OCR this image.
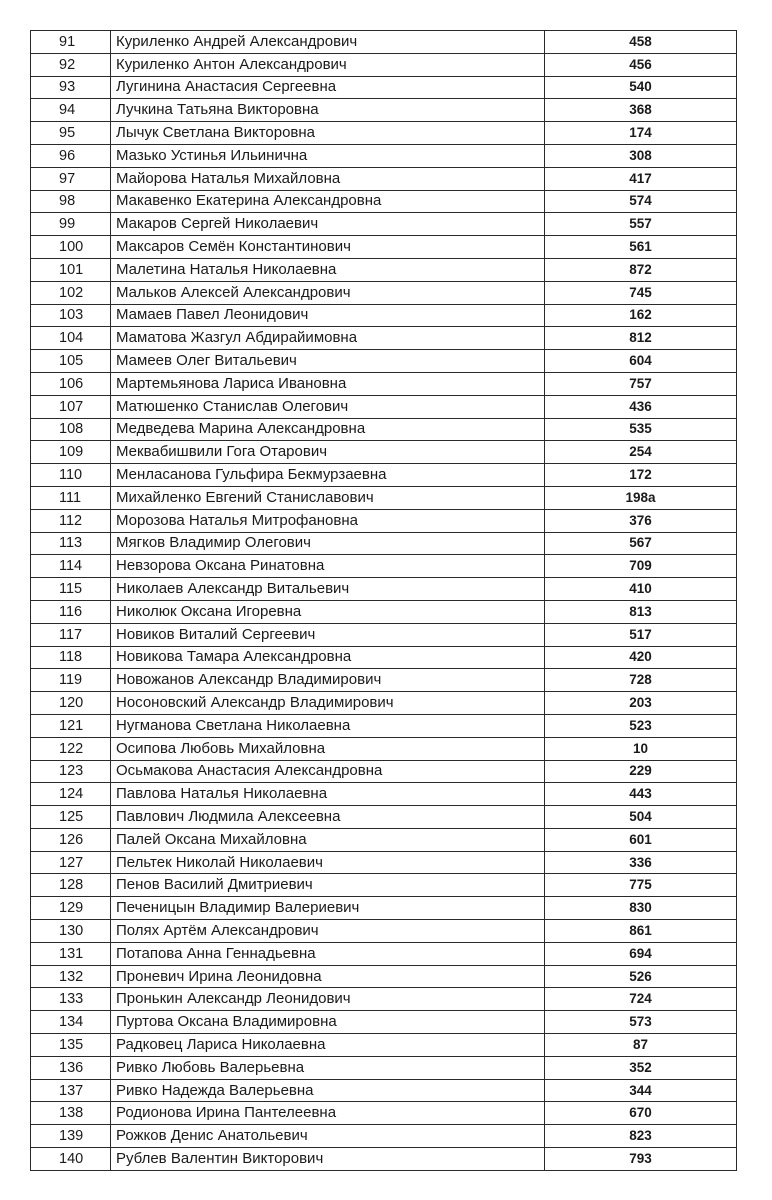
91	Куриленко Андрей Александрович	458
92	Куриленко Антон Александрович	456
93	Лугинина Анастасия Сергеевна	540
94	Лучкина Татьяна Викторовна	368
95	Лычук Светлана Викторовна	174
96	Мазько Устинья Ильинична	308
97	Майорова Наталья Михайловна	417
98	Макавенко Екатерина Александровна	574
99	Макаров Сергей Николаевич	557
100	Максаров Семён Константинович	561
101	Малетина Наталья Николаевна	872
102	Мальков Алексей Александрович	745
103	Мамаев Павел Леонидович	162
104	Маматова Жазгул Абдирайимовна	812
105	Мамеев Олег Витальевич	604
106	Мартемьянова Лариса Ивановна	757
107	Матюшенко Станислав Олегович	436
108	Медведева Марина Александровна	535
109	Меквабишвили Гога Отарович	254
110	Менласанова Гульфира Бекмурзаевна	172
111	Михайленко Евгений Станиславович	198а
112	Морозова Наталья Митрофановна	376
113	Мягков Владимир Олегович	567
114	Невзорова Оксана Ринатовна	709
115	Николаев Александр Витальевич	410
116	Николюк Оксана Игоревна	813
117	Новиков Виталий Сергеевич	517
118	Новикова Тамара Александровна	420
119	Новожанов Александр Владимирович	728
120	Носоновский Александр Владимирович	203
121	Нугманова Светлана Николаевна	523
122	Осипова Любовь Михайловна	10
123	Осьмакова Анастасия Александровна	229
124	Павлова Наталья Николаевна	443
125	Павлович Людмила Алексеевна	504
126	Палей Оксана Михайловна	601
127	Пельтек Николай Николаевич	336
128	Пенов Василий Дмитриевич	775
129	Печеницын Владимир Валериевич	830
130	Полях Артём Александрович	861
131	Потапова Анна Геннадьевна	694
132	Проневич Ирина Леонидовна	526
133	Пронькин Александр Леонидович	724
134	Пуртова Оксана Владимировна	573
135	Радковец Лариса Николаевна	87
136	Ривко Любовь Валерьевна	352
137	Ривко Надежда Валерьевна	344
138	Родионова Ирина Пантелеевна	670
139	Рожков Денис Анатольевич	823
140	Рублев Валентин Викторович	793
